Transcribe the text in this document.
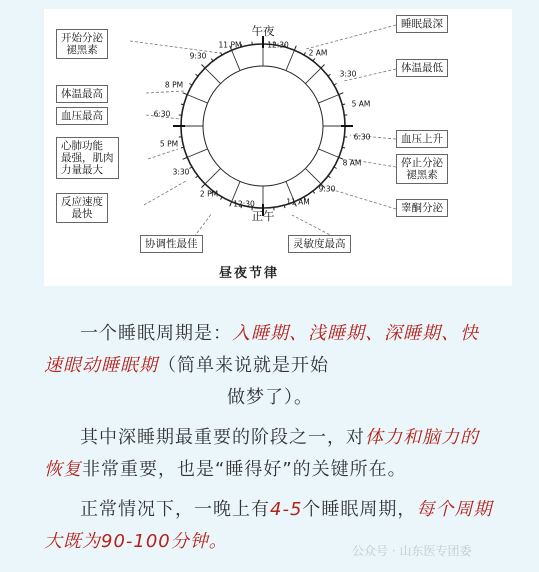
午夜
正午
12:30
2 AM
3:30
5 AM
6:30
8 AM
9:30
11 AM
12:30
2 PM
3:30
5 PM
6:30
8 PM
9:30
11 PM
开始分泌
褪黑素
体温最高
血压最高
心肺功能
最强，肌肉
力量最大
反应速度
最快
协调性最佳
睡眠最深
体温最低
血压上升
停止分泌
褪黑素
睾酮分泌
灵敏度最高
昼夜节律

一个睡眠周期是：入睡期、浅睡期、深睡期、快速眼动睡眠期（简单来说就是开始

做梦了）。

其中深睡期最重要的阶段之一，对体力和脑力的恢复非常重要，也是“睡得好”的关键所在。

正常情况下，一晚上有4-5个睡眠周期，每个周期大既为90-100分钟。	公众号 · 山东医专团委
